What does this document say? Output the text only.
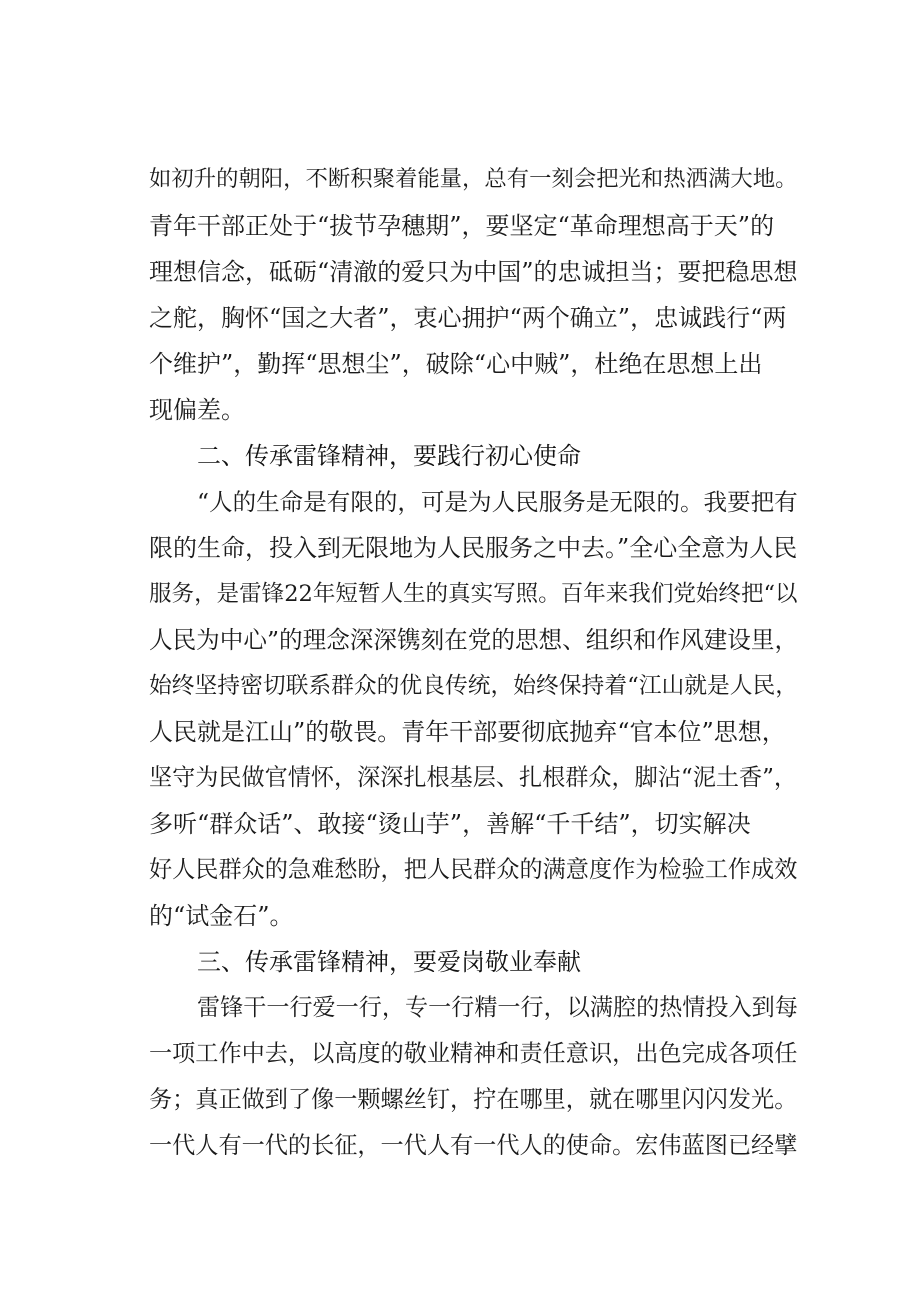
如初升的朝阳，不断积聚着能量，总有一刻会把光和热洒满大地。
青年干部正处于“拔节孕穗期”，要坚定“革命理想高于天”的
理想信念，砥砺“清澈的爱只为中国”的忠诚担当；要把稳思想
之舵，胸怀“国之大者”，衷心拥护“两个确立”，忠诚践行“两
个维护”，勤挥“思想尘”，破除“心中贼”，杜绝在思想上出
现偏差。
二、传承雷锋精神，要践行初心使命
“人的生命是有限的，可是为人民服务是无限的。我要把有
限的生命，投入到无限地为人民服务之中去。”全心全意为人民
服务，是雷锋22年短暂人生的真实写照。百年来我们党始终把“以
人民为中心”的理念深深镌刻在党的思想、组织和作风建设里，
始终坚持密切联系群众的优良传统，始终保持着“江山就是人民，
人民就是江山”的敬畏。青年干部要彻底抛弃“官本位”思想，
坚守为民做官情怀，深深扎根基层、扎根群众，脚沾“泥土香”，
多听“群众话”、敢接“烫山芋”，善解“千千结”，切实解决
好人民群众的急难愁盼，把人民群众的满意度作为检验工作成效
的“试金石”。
三、传承雷锋精神，要爱岗敬业奉献
雷锋干一行爱一行，专一行精一行，以满腔的热情投入到每
一项工作中去，以高度的敬业精神和责任意识，出色完成各项任
务；真正做到了像一颗螺丝钉，拧在哪里，就在哪里闪闪发光。
一代人有一代的长征，一代人有一代人的使命。宏伟蓝图已经擘
